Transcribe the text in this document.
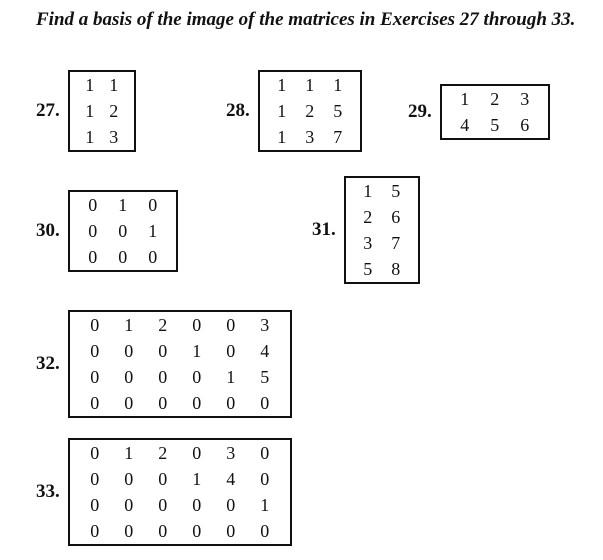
Find a basis of the image of the matrices in Exercises 27 through 33.
27.
1	1
1	2
1	3
28.
1	1	1
1	2	5
1	3	7
29.
1	2	3
4	5	6
30.
0	1	0
0	0	1
0	0	0
31.
1	5
2	6
3	7
5	8
32.
0	1	2	0	0	3
0	0	0	1	0	4
0	0	0	0	1	5
0	0	0	0	0	0
33.
0	1	2	0	3	0
0	0	0	1	4	0
0	0	0	0	0	1
0	0	0	0	0	0
